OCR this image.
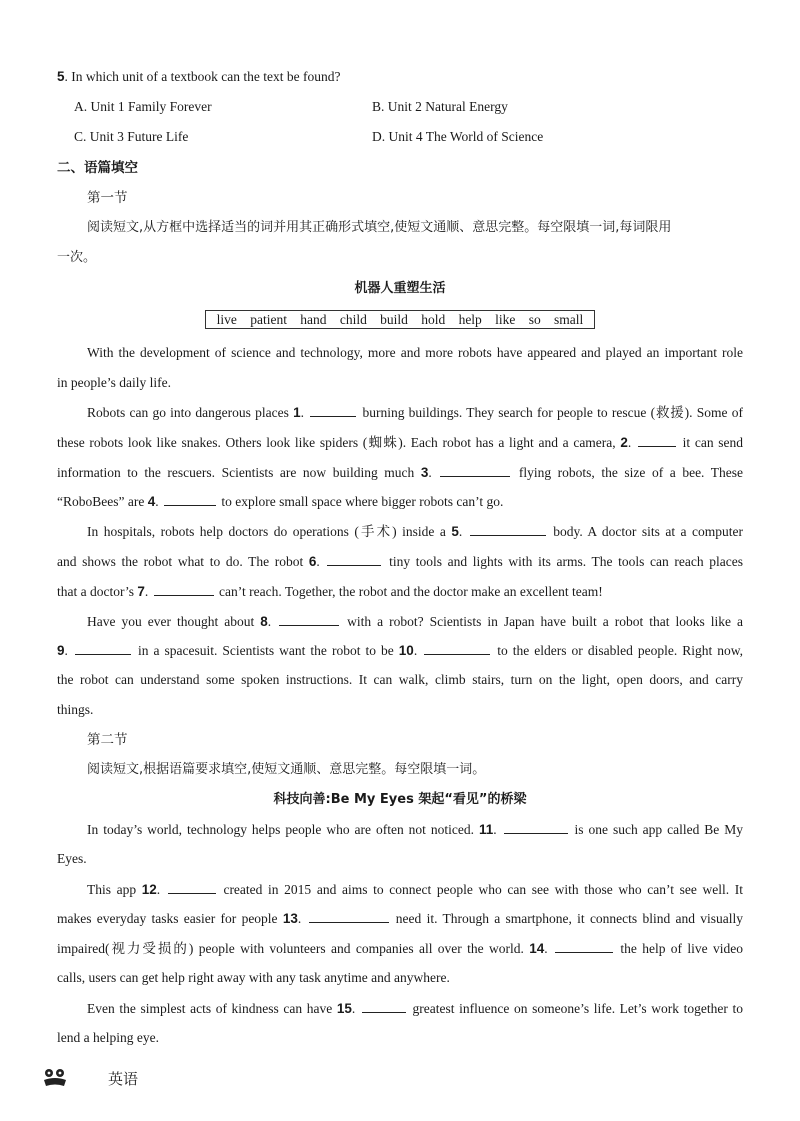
5. In which unit of a textbook can the text be found?
A. Unit 1 Family Forever	B. Unit 2 Natural Energy
C. Unit 3 Future Life	D. Unit 4 The World of Science
二、语篇填空
第一节
阅读短文,从方框中选择适当的词并用其正确形式填空,使短文通顺、意思完整。每空限填一词,每词限用
一次。
机器人重塑生活
live patient hand child build hold help like so small
With the development of science and technology, more and more robots have appeared and played an important role
in people’s daily life.
Robots can go into dangerous places 1.	burning buildings. They search for people to rescue (救援). Some of
these robots look like snakes. Others look like spiders (蜘蛛). Each robot has a light and a camera, 2.	it can send
information to the rescuers. Scientists are now building much 3.	flying robots, the size of a bee. These
“RoboBees” are 4.	to explore small space where bigger robots can’t go.
In hospitals, robots help doctors do operations (手术) inside a 5.	body. A doctor sits at a computer
and shows the robot what to do. The robot 6.	tiny tools and lights with its arms. The tools can reach places
that a doctor’s 7.	can’t reach. Together, the robot and the doctor make an excellent team!
Have you ever thought about 8.	with a robot? Scientists in Japan have built a robot that looks like a
9.	in a spacesuit. Scientists want the robot to be 10.	to the elders or disabled people. Right now,
the robot can understand some spoken instructions. It can walk, climb stairs, turn on the light, open doors, and carry
things.
第二节
阅读短文,根据语篇要求填空,使短文通顺、意思完整。每空限填一词。
科技向善:Be My Eyes 架起“看见”的桥梁
In today’s world, technology helps people who are often not noticed. 11.	is one such app called Be My
Eyes.
This app 12.	created in 2015 and aims to connect people who can see with those who can’t see well. It
makes everyday tasks easier for people 13.	need it. Through a smartphone, it connects blind and visually
impaired(视力受损的) people with volunteers and companies all over the world. 14.	the help of live video
calls, users can get help right away with any task anytime and anywhere.
Even the simplest acts of kindness can have 15.	greatest influence on someone’s life. Let’s work together to
lend a helping eye.
英语
